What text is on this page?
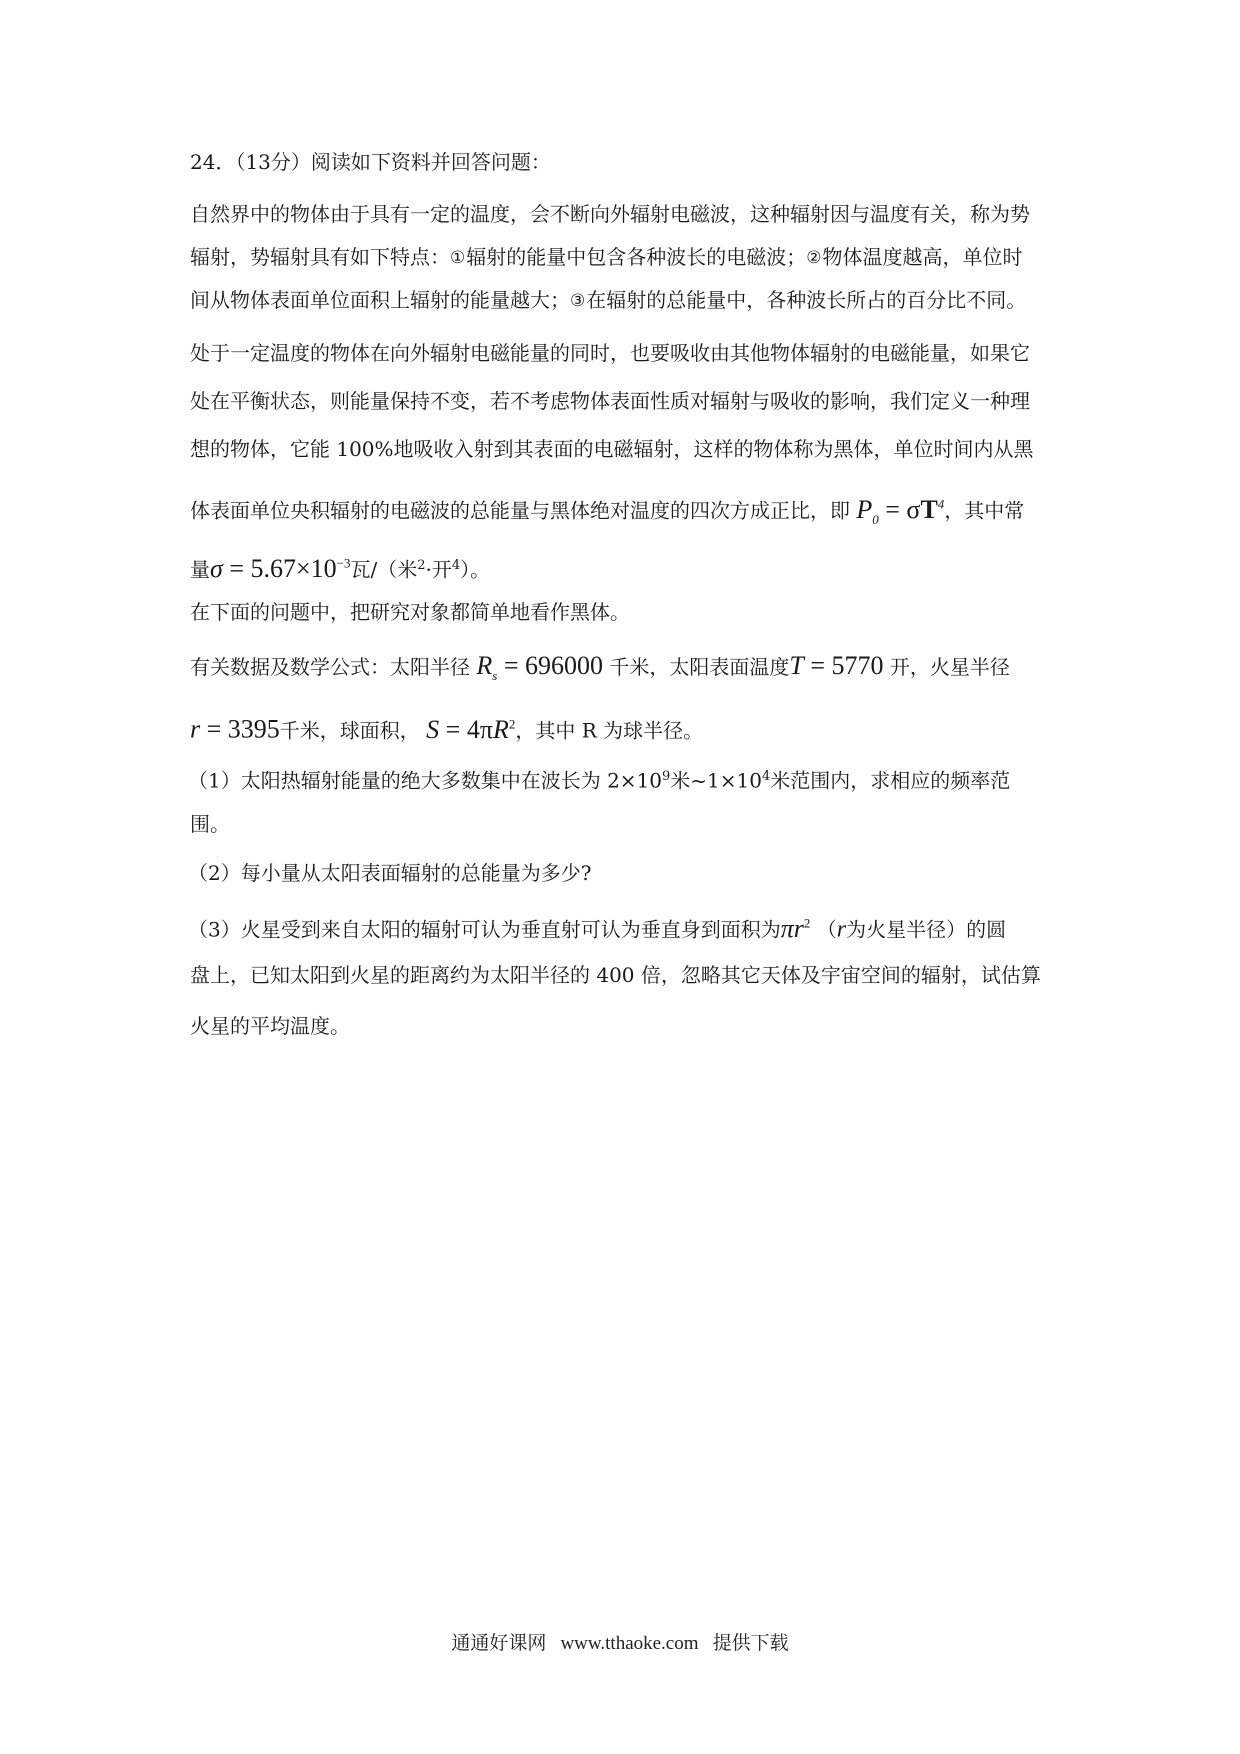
24．（13分）阅读如下资料并回答问题：
自然界中的物体由于具有一定的温度，会不断向外辐射电磁波，这种辐射因与温度有关，称为势
辐射，势辐射具有如下特点：①辐射的能量中包含各种波长的电磁波；②物体温度越高，单位时
间从物体表面单位面积上辐射的能量越大；③在辐射的总能量中，各种波长所占的百分比不同。
处于一定温度的物体在向外辐射电磁能量的同时，也要吸收由其他物体辐射的电磁能量，如果它
处在平衡状态，则能量保持不变，若不考虑物体表面性质对辐射与吸收的影响，我们定义一种理
想的物体，它能 100%地吸收入射到其表面的电磁辐射，这样的物体称为黑体，单位时间内从黑
体表面单位央积辐射的电磁波的总能量与黑体绝对温度的四次方成正比，即 $P_0 = \sigma T^4$，其中常
量$\sigma = 5.67\times 10^{-3}$瓦/（米$^2$·开$^4$）。
在下面的问题中，把研究对象都简单地看作黑体。
有关数据及数学公式：太阳半径 $R_s = 696000$ 千米，太阳表面温度T = 5770 开，火星半径
r = 3395千米，球面积， $S = 4\pi R^2$，其中 R 为球半径。
（1）太阳热辐射能量的绝大多数集中在波长为 $2\times 10^9$米$\sim 1\times 10^4$米范围内，求相应的频率范
围。
（2）每小量从太阳表面辐射的总能量为多少?
（3）火星受到来自太阳的辐射可认为垂直射可认为垂直身到面积为$\pi r^2$ （r为火星半径）的圆
盘上，已知太阳到火星的距离约为太阳半径的 400 倍，忽略其它天体及宇宙空间的辐射，试估算
火星的平均温度。
通通好课网 www.tthaoke.com 提供下载
